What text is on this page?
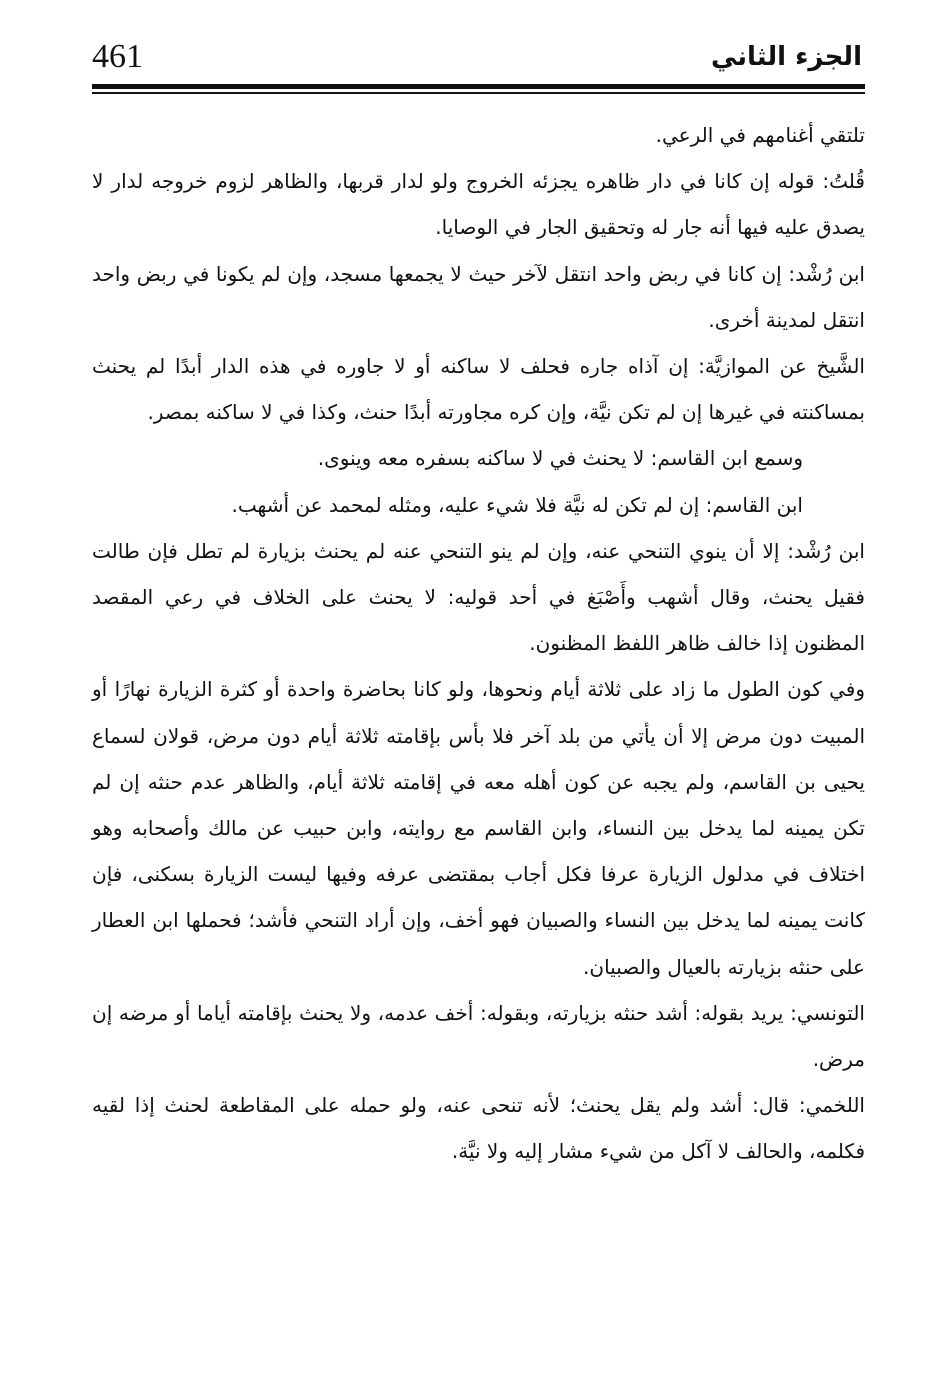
461	الجزء الثاني

تلتقي أغنامهم في الرعي.

قُلتُ: قوله إن كانا في دار ظاهره يجزئه الخروج ولو لدار قربها، والظاهر لزوم خروجه لدار لا يصدق عليه فيها أنه جار له وتحقيق الجار في الوصايا.

ابن رُشْد: إن كانا في ربض واحد انتقل لآخر حيث لا يجمعها مسجد، وإن لم يكونا في ربض واحد انتقل لمدينة أخرى.

الشَّيخ عن الموازيَّة: إن آذاه جاره فحلف لا ساكنه أو لا جاوره في هذه الدار أبدًا لم يحنث بمساكنته في غيرها إن لم تكن نيَّة، وإن كره مجاورته أبدًا حنث، وكذا في لا ساكنه بمصر.

وسمع ابن القاسم: لا يحنث في لا ساكنه بسفره معه وينوى.

ابن القاسم: إن لم تكن له نيَّة فلا شيء عليه، ومثله لمحمد عن أشهب.

ابن رُشْد: إلا أن ينوي التنحي عنه، وإن لم ينو التنحي عنه لم يحنث بزيارة لم تطل فإن طالت فقيل يحنث، وقال أشهب وأَصْبَغ في أحد قوليه: لا يحنث على الخلاف في رعي المقصد المظنون إذا خالف ظاهر اللفظ المظنون.

وفي كون الطول ما زاد على ثلاثة أيام ونحوها، ولو كانا بحاضرة واحدة أو كثرة الزيارة نهارًا أو المبيت دون مرض إلا أن يأتي من بلد آخر فلا بأس بإقامته ثلاثة أيام دون مرض، قولان لسماع يحيى بن القاسم، ولم يجبه عن كون أهله معه في إقامته ثلاثة أيام، والظاهر عدم حنثه إن لم تكن يمينه لما يدخل بين النساء، وابن القاسم مع روايته، وابن حبيب عن مالك وأصحابه وهو اختلاف في مدلول الزيارة عرفا فكل أجاب بمقتضى عرفه وفيها ليست الزيارة بسكنى، فإن كانت يمينه لما يدخل بين النساء والصبيان فهو أخف، وإن أراد التنحي فأشد؛ فحملها ابن العطار على حنثه بزيارته بالعيال والصبيان.

التونسي: يريد بقوله: أشد حنثه بزيارته، وبقوله: أخف عدمه، ولا يحنث بإقامته أياما أو مرضه إن مرض.

اللخمي: قال: أشد ولم يقل يحنث؛ لأنه تنحى عنه، ولو حمله على المقاطعة لحنث إذا لقيه فكلمه، والحالف لا آكل من شيء مشار إليه ولا نيَّة.
